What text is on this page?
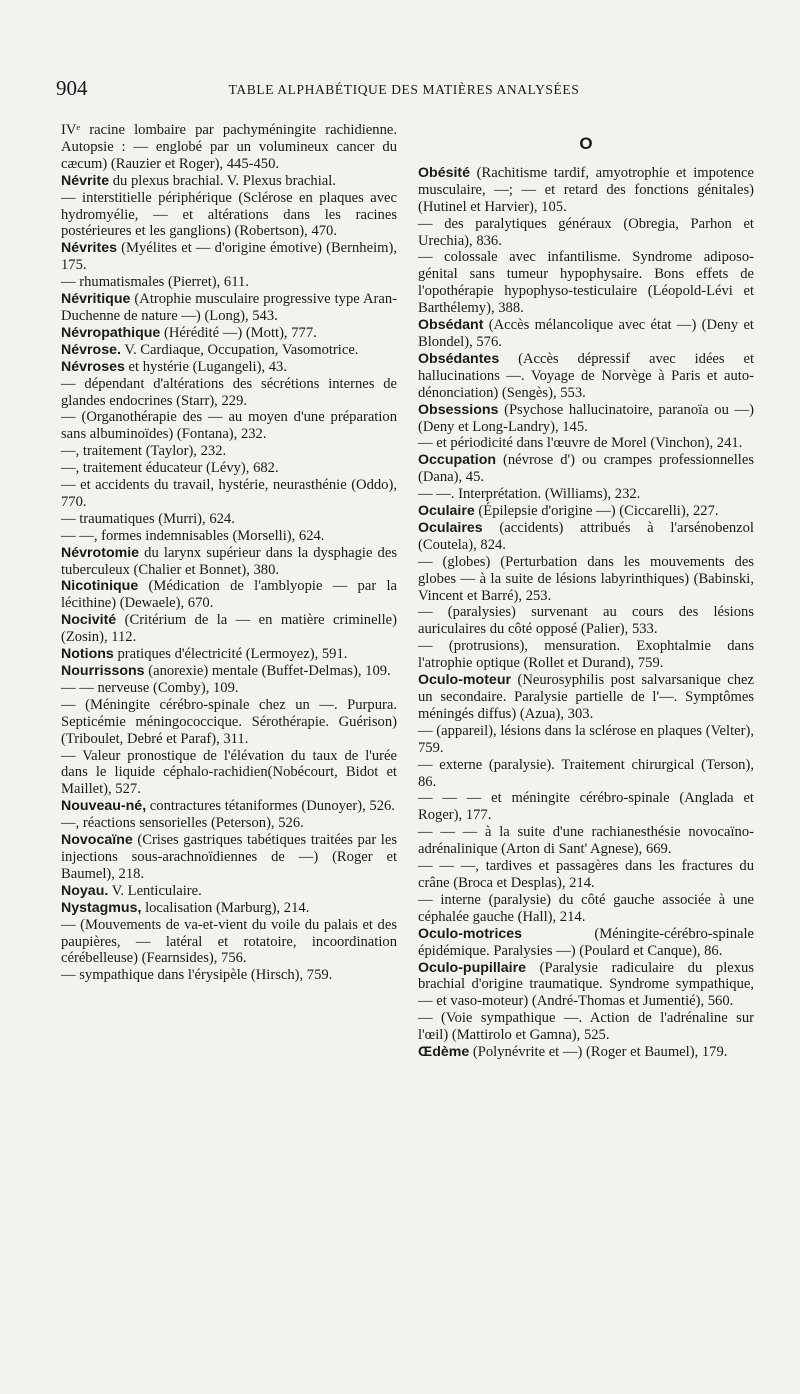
904	TABLE ALPHABÉTIQUE DES MATIÈRES ANALYSÉES

IVᵉ racine lombaire par pachyméningite rachidienne. Autopsie : — englobé par un volumineux cancer du cæcum) (Rauzier et Roger), 445-450.

Névrite du plexus brachial. V. Plexus brachial.

— interstitielle périphérique (Sclérose en plaques avec hydromyélie, — et altérations dans les racines postérieures et les ganglions) (Robertson), 470.

Névrites (Myélites et — d'origine émotive) (Bernheim), 175.

— rhumatismales (Pierret), 611.

Névritique (Atrophie musculaire progressive type Aran-Duchenne de nature —) (Long), 543.

Névropathique (Hérédité —) (Mott), 777.

Névrose. V. Cardiaque, Occupation, Vasomotrice.

Névroses et hystérie (Lugangeli), 43.

— dépendant d'altérations des sécrétions internes de glandes endocrines (Starr), 229.

— (Organothérapie des — au moyen d'une préparation sans albuminoïdes) (Fontana), 232.

—, traitement (Taylor), 232.

—, traitement éducateur (Lévy), 682.

— et accidents du travail, hystérie, neurasthénie (Oddo), 770.

— traumatiques (Murri), 624.

— —, formes indemnisables (Morselli), 624.

Névrotomie du larynx supérieur dans la dysphagie des tuberculeux (Chalier et Bonnet), 380.

Nicotinique (Médication de l'amblyopie — par la lécithine) (Dewaele), 670.

Nocivité (Critérium de la — en matière criminelle) (Zosin), 112.

Notions pratiques d'électricité (Lermoyez), 591.

Nourrissons (anorexie) mentale (Buffet-Delmas), 109.

— — nerveuse (Comby), 109.

— (Méningite cérébro-spinale chez un —. Purpura. Septicémie méningococcique. Sérothérapie. Guérison) (Triboulet, Debré et Paraf), 311.

— Valeur pronostique de l'élévation du taux de l'urée dans le liquide céphalo-rachidien(Nobécourt, Bidot et Maillet), 527.

Nouveau-né, contractures tétaniformes (Dunoyer), 526.

—, réactions sensorielles (Peterson), 526.

Novocaïne (Crises gastriques tabétiques traitées par les injections sous-arachnoïdiennes de —) (Roger et Baumel), 218.

Noyau. V. Lenticulaire.

Nystagmus, localisation (Marburg), 214.

— (Mouvements de va-et-vient du voile du palais et des paupières, — latéral et rotatoire, incoordination cérébelleuse) (Fearnsides), 756.

— sympathique dans l'érysipèle (Hirsch), 759.

O

Obésité (Rachitisme tardif, amyotrophie et impotence musculaire, —; — et retard des fonctions génitales) (Hutinel et Harvier), 105.

— des paralytiques généraux (Obregia, Parhon et Urechia), 836.

— colossale avec infantilisme. Syndrome adiposo-génital sans tumeur hypophysaire. Bons effets de l'opothérapie hypophyso-testiculaire (Léopold-Lévi et Barthélemy), 388.

Obsédant (Accès mélancolique avec état —) (Deny et Blondel), 576.

Obsédantes (Accès dépressif avec idées et hallucinations —. Voyage de Norvège à Paris et auto-dénonciation) (Sengès), 553.

Obsessions (Psychose hallucinatoire, paranoïa ou —) (Deny et Long-Landry), 145.

— et périodicité dans l'œuvre de Morel (Vinchon), 241.

Occupation (névrose d') ou crampes professionnelles (Dana), 45.

— —. Interprétation. (Williams), 232.

Oculaire (Épilepsie d'origine —) (Ciccarelli), 227.

Oculaires (accidents) attribués à l'arsénobenzol (Coutela), 824.

— (globes) (Perturbation dans les mouvements des globes — à la suite de lésions labyrinthiques) (Babinski, Vincent et Barré), 253.

— (paralysies) survenant au cours des lésions auriculaires du côté opposé (Palier), 533.

— (protrusions), mensuration. Exophtalmie dans l'atrophie optique (Rollet et Durand), 759.

Oculo-moteur (Neurosyphilis post salvarsanique chez un secondaire. Paralysie partielle de l'—. Symptômes méningés diffus) (Azua), 303.

— (appareil), lésions dans la sclérose en plaques (Velter), 759.

— externe (paralysie). Traitement chirurgical (Terson), 86.

— — — et méningite cérébro-spinale (Anglada et Roger), 177.

— — — à la suite d'une rachianesthésie novocaïno-adrénalinique (Arton di Sant' Agnese), 669.

— — —, tardives et passagères dans les fractures du crâne (Broca et Desplas), 214.

— interne (paralysie) du côté gauche associée à une céphalée gauche (Hall), 214.

Oculo-motrices (Méningite-cérébro-spinale épidémique. Paralysies —) (Poulard et Canque), 86.

Oculo-pupillaire (Paralysie radiculaire du plexus brachial d'origine traumatique. Syndrome sympathique, — et vaso-moteur) (André-Thomas et Jumentié), 560.

— (Voie sympathique —. Action de l'adrénaline sur l'œil) (Mattirolo et Gamna), 525.

Œdème (Polynévrite et —) (Roger et Baumel), 179.
